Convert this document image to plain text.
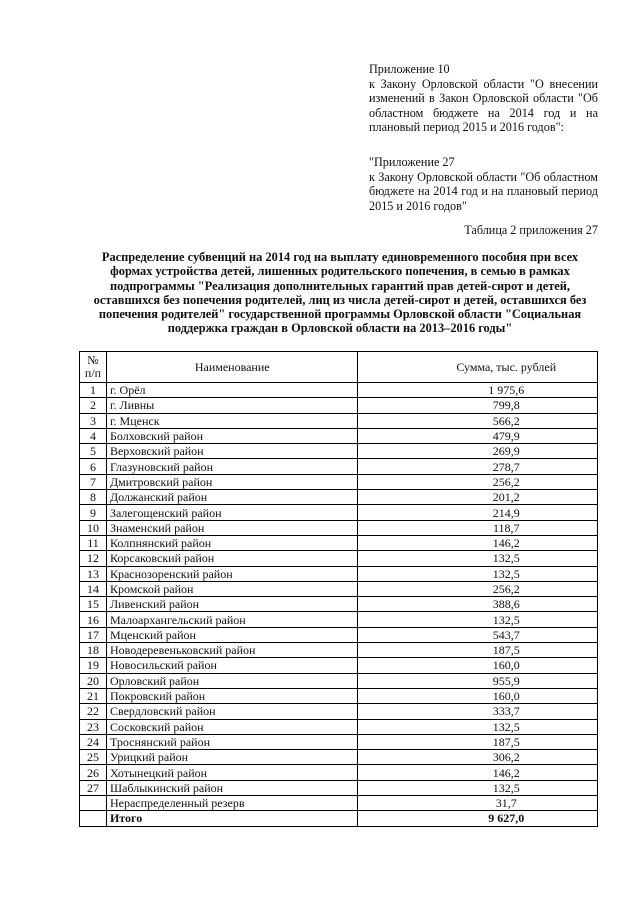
Приложение 10

к Закону Орловской области "О внесении изменений в Закон Орловской области "Об областном бюджете на 2014 год и на плановый период 2015 и 2016 годов":

"Приложение 27

к Закону Орловской области "Об областном бюджете на 2014 год и на плановый период 2015 и 2016 годов"

Таблица 2 приложения 27
Распределение субвенций на 2014 год на выплату единовременного пособия при всех формах устройства детей, лишенных родительского попечения, в семью в рамках подпрограммы "Реализация дополнительных гарантий прав детей-сирот и детей, оставшихся без попечения родителей, лиц из числа детей-сирот и детей, оставшихся без попечения родителей" государственной программы Орловской области "Социальная поддержка граждан в Орловской области на 2013–2016 годы"
№ п/п	Наименование	Сумма, тыс. рублей
1	г. Орёл	1 975,6
2	г. Ливны	799,8
3	г. Мценск	566,2
4	Болховский район	479,9
5	Верховский район	269,9
6	Глазуновский район	278,7
7	Дмитровский район	256,2
8	Должанский район	201,2
9	Залегощенский район	214,9
10	Знаменский район	118,7
11	Колпнянский район	146,2
12	Корсаковский район	132,5
13	Краснозоренский район	132,5
14	Кромской район	256,2
15	Ливенский район	388,6
16	Малоархангельский район	132,5
17	Мценский район	543,7
18	Новодеревеньковский район	187,5
19	Новосильский район	160,0
20	Орловский район	955,9
21	Покровский район	160,0
22	Свердловский район	333,7
23	Сосковский район	132,5
24	Троснянский район	187,5
25	Урицкий район	306,2
26	Хотынецкий район	146,2
27	Шаблыкинский район	132,5
	Нераспределенный резерв	31,7
	Итого	9 627,0
